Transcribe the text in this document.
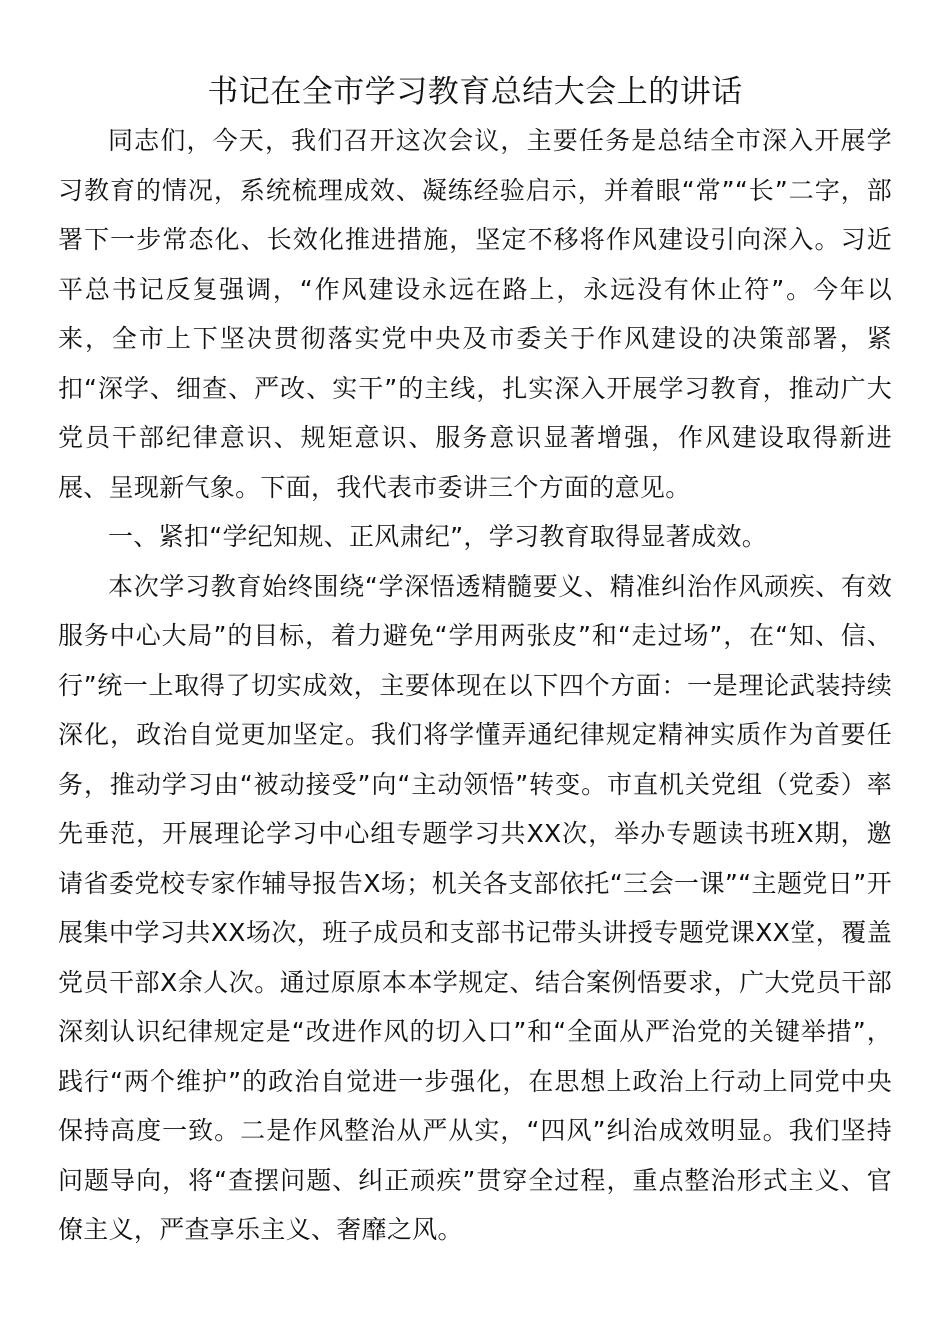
书记在全市学习教育总结大会上的讲话

同志们，今天，我们召开这次会议，主要任务是总结全市深入开展学习教育的情况，系统梳理成效、凝练经验启示，并着眼“常”“长”二字，部署下一步常态化、长效化推进措施，坚定不移将作风建设引向深入。习近平总书记反复强调，“作风建设永远在路上，永远没有休止符”。今年以来，全市上下坚决贯彻落实党中央及市委关于作风建设的决策部署，紧扣“深学、细查、严改、实干”的主线，扎实深入开展学习教育，推动广大党员干部纪律意识、规矩意识、服务意识显著增强，作风建设取得新进展、呈现新气象。下面，我代表市委讲三个方面的意见。

一、紧扣“学纪知规、正风肃纪”，学习教育取得显著成效。

本次学习教育始终围绕“学深悟透精髓要义、精准纠治作风顽疾、有效服务中心大局”的目标，着力避免“学用两张皮”和“走过场”，在“知、信、行”统一上取得了切实成效，主要体现在以下四个方面：一是理论武装持续深化，政治自觉更加坚定。我们将学懂弄通纪律规定精神实质作为首要任务，推动学习由“被动接受”向“主动领悟”转变。市直机关党组（党委）率先垂范，开展理论学习中心组专题学习共XX次，举办专题读书班X期，邀请省委党校专家作辅导报告X场；机关各支部依托“三会一课”“主题党日”开展集中学习共XX场次，班子成员和支部书记带头讲授专题党课XX堂，覆盖党员干部X余人次。通过原原本本学规定、结合案例悟要求，广大党员干部深刻认识纪律规定是“改进作风的切入口”和“全面从严治党的关键举措”，践行“两个维护”的政治自觉进一步强化，在思想上政治上行动上同党中央保持高度一致。二是作风整治从严从实，“四风”纠治成效明显。我们坚持问题导向，将“查摆问题、纠正顽疾”贯穿全过程，重点整治形式主义、官僚主义，严查享乐主义、奢靡之风。
